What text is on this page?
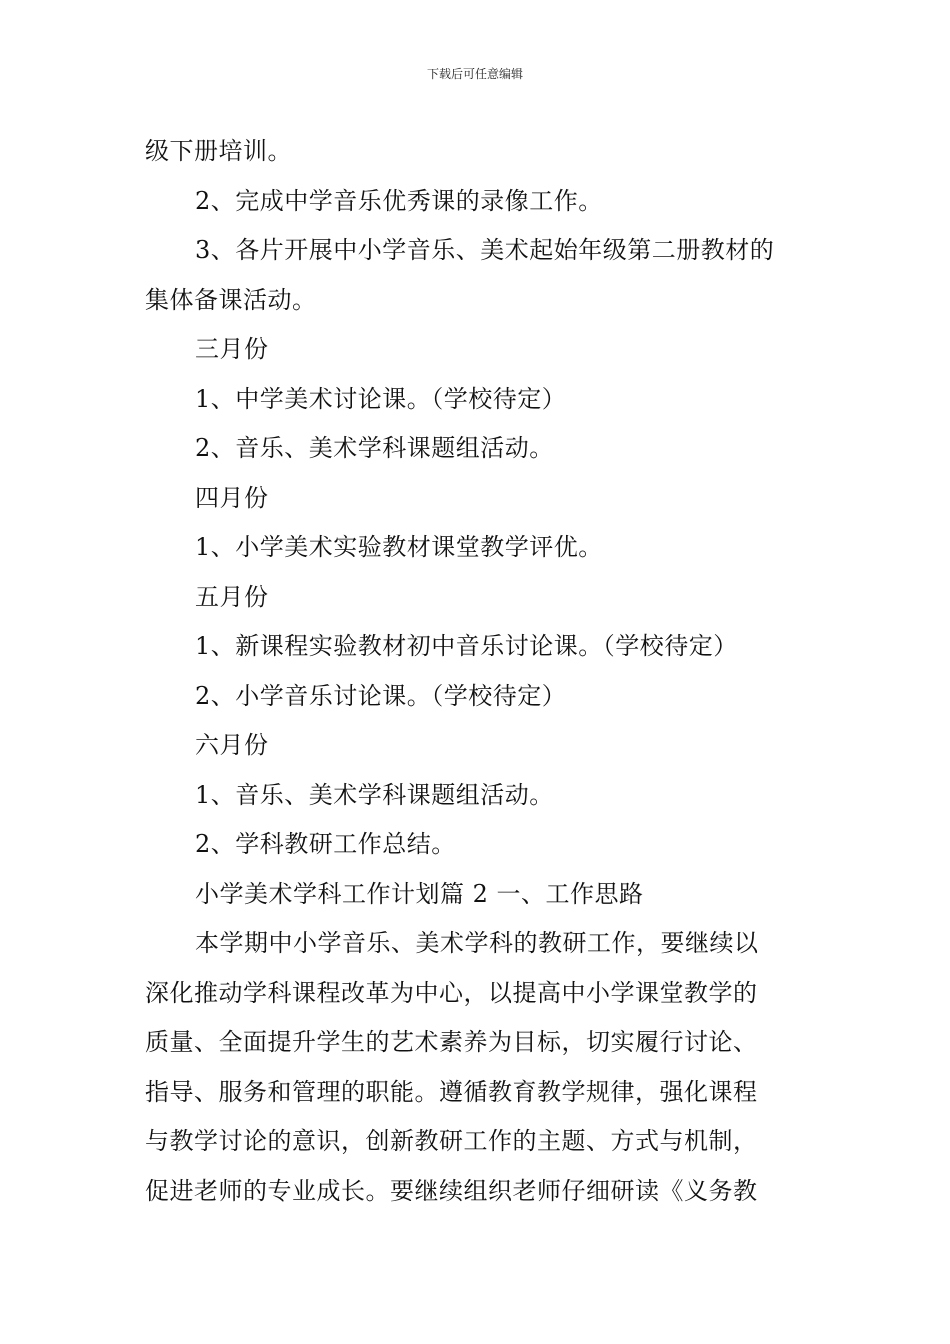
下载后可任意编辑
级下册培训。
2、完成中学音乐优秀课的录像工作。
3、各片开展中小学音乐、美术起始年级第二册教材的
集体备课活动。
三月份
1、中学美术讨论课。（学校待定）
2、音乐、美术学科课题组活动。
四月份
1、小学美术实验教材课堂教学评优。
五月份
1、新课程实验教材初中音乐讨论课。（学校待定）
2、小学音乐讨论课。（学校待定）
六月份
1、音乐、美术学科课题组活动。
2、学科教研工作总结。
小学美术学科工作计划篇 2 一、工作思路
本学期中小学音乐、美术学科的教研工作，要继续以
深化推动学科课程改革为中心，以提高中小学课堂教学的
质量、全面提升学生的艺术素养为目标，切实履行讨论、
指导、服务和管理的职能。遵循教育教学规律，强化课程
与教学讨论的意识，创新教研工作的主题、方式与机制，
促进老师的专业成长。要继续组织老师仔细研读《义务教
